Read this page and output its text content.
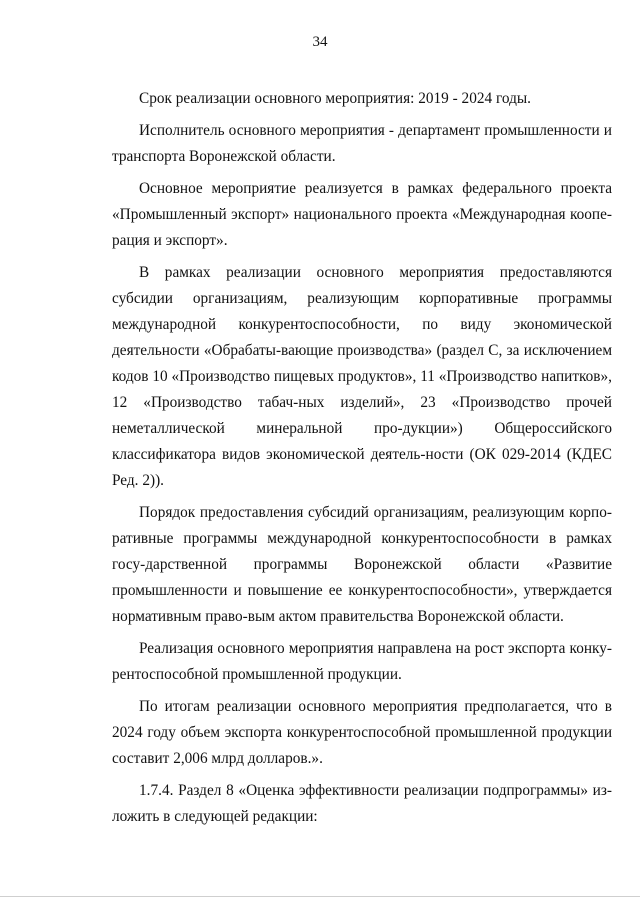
34

Срок реализации основного мероприятия: 2019 - 2024 годы.

Исполнитель основного мероприятия - департамент промышленности и транспорта Воронежской области.

Основное мероприятие реализуется в рамках федерального проекта «Промышленный экспорт» национального проекта «Международная коопе-рация и экспорт».

В рамках реализации основного мероприятия предоставляются субсидии организациям, реализующим корпоративные программы международной конкурентоспособности, по виду экономической деятельности «Обрабаты-вающие производства» (раздел С, за исключением кодов 10 «Производство пищевых продуктов», 11 «Производство напитков», 12 «Производство табач-ных изделий», 23 «Производство прочей неметаллической минеральной про-дукции») Общероссийского классификатора видов экономической деятель-ности (ОК 029-2014 (КДЕС Ред. 2)).

Порядок предоставления субсидий организациям, реализующим корпо-ративные программы международной конкурентоспособности в рамках госу-дарственной программы Воронежской области «Развитие промышленности и повышение ее конкурентоспособности», утверждается нормативным право-вым актом правительства Воронежской области.

Реализация основного мероприятия направлена на рост экспорта конку-рентоспособной промышленной продукции.

По итогам реализации основного мероприятия предполагается, что в 2024 году объем экспорта конкурентоспособной промышленной продукции составит 2,006 млрд долларов.».

1.7.4. Раздел 8 «Оценка эффективности реализации подпрограммы» из-ложить в следующей редакции:
